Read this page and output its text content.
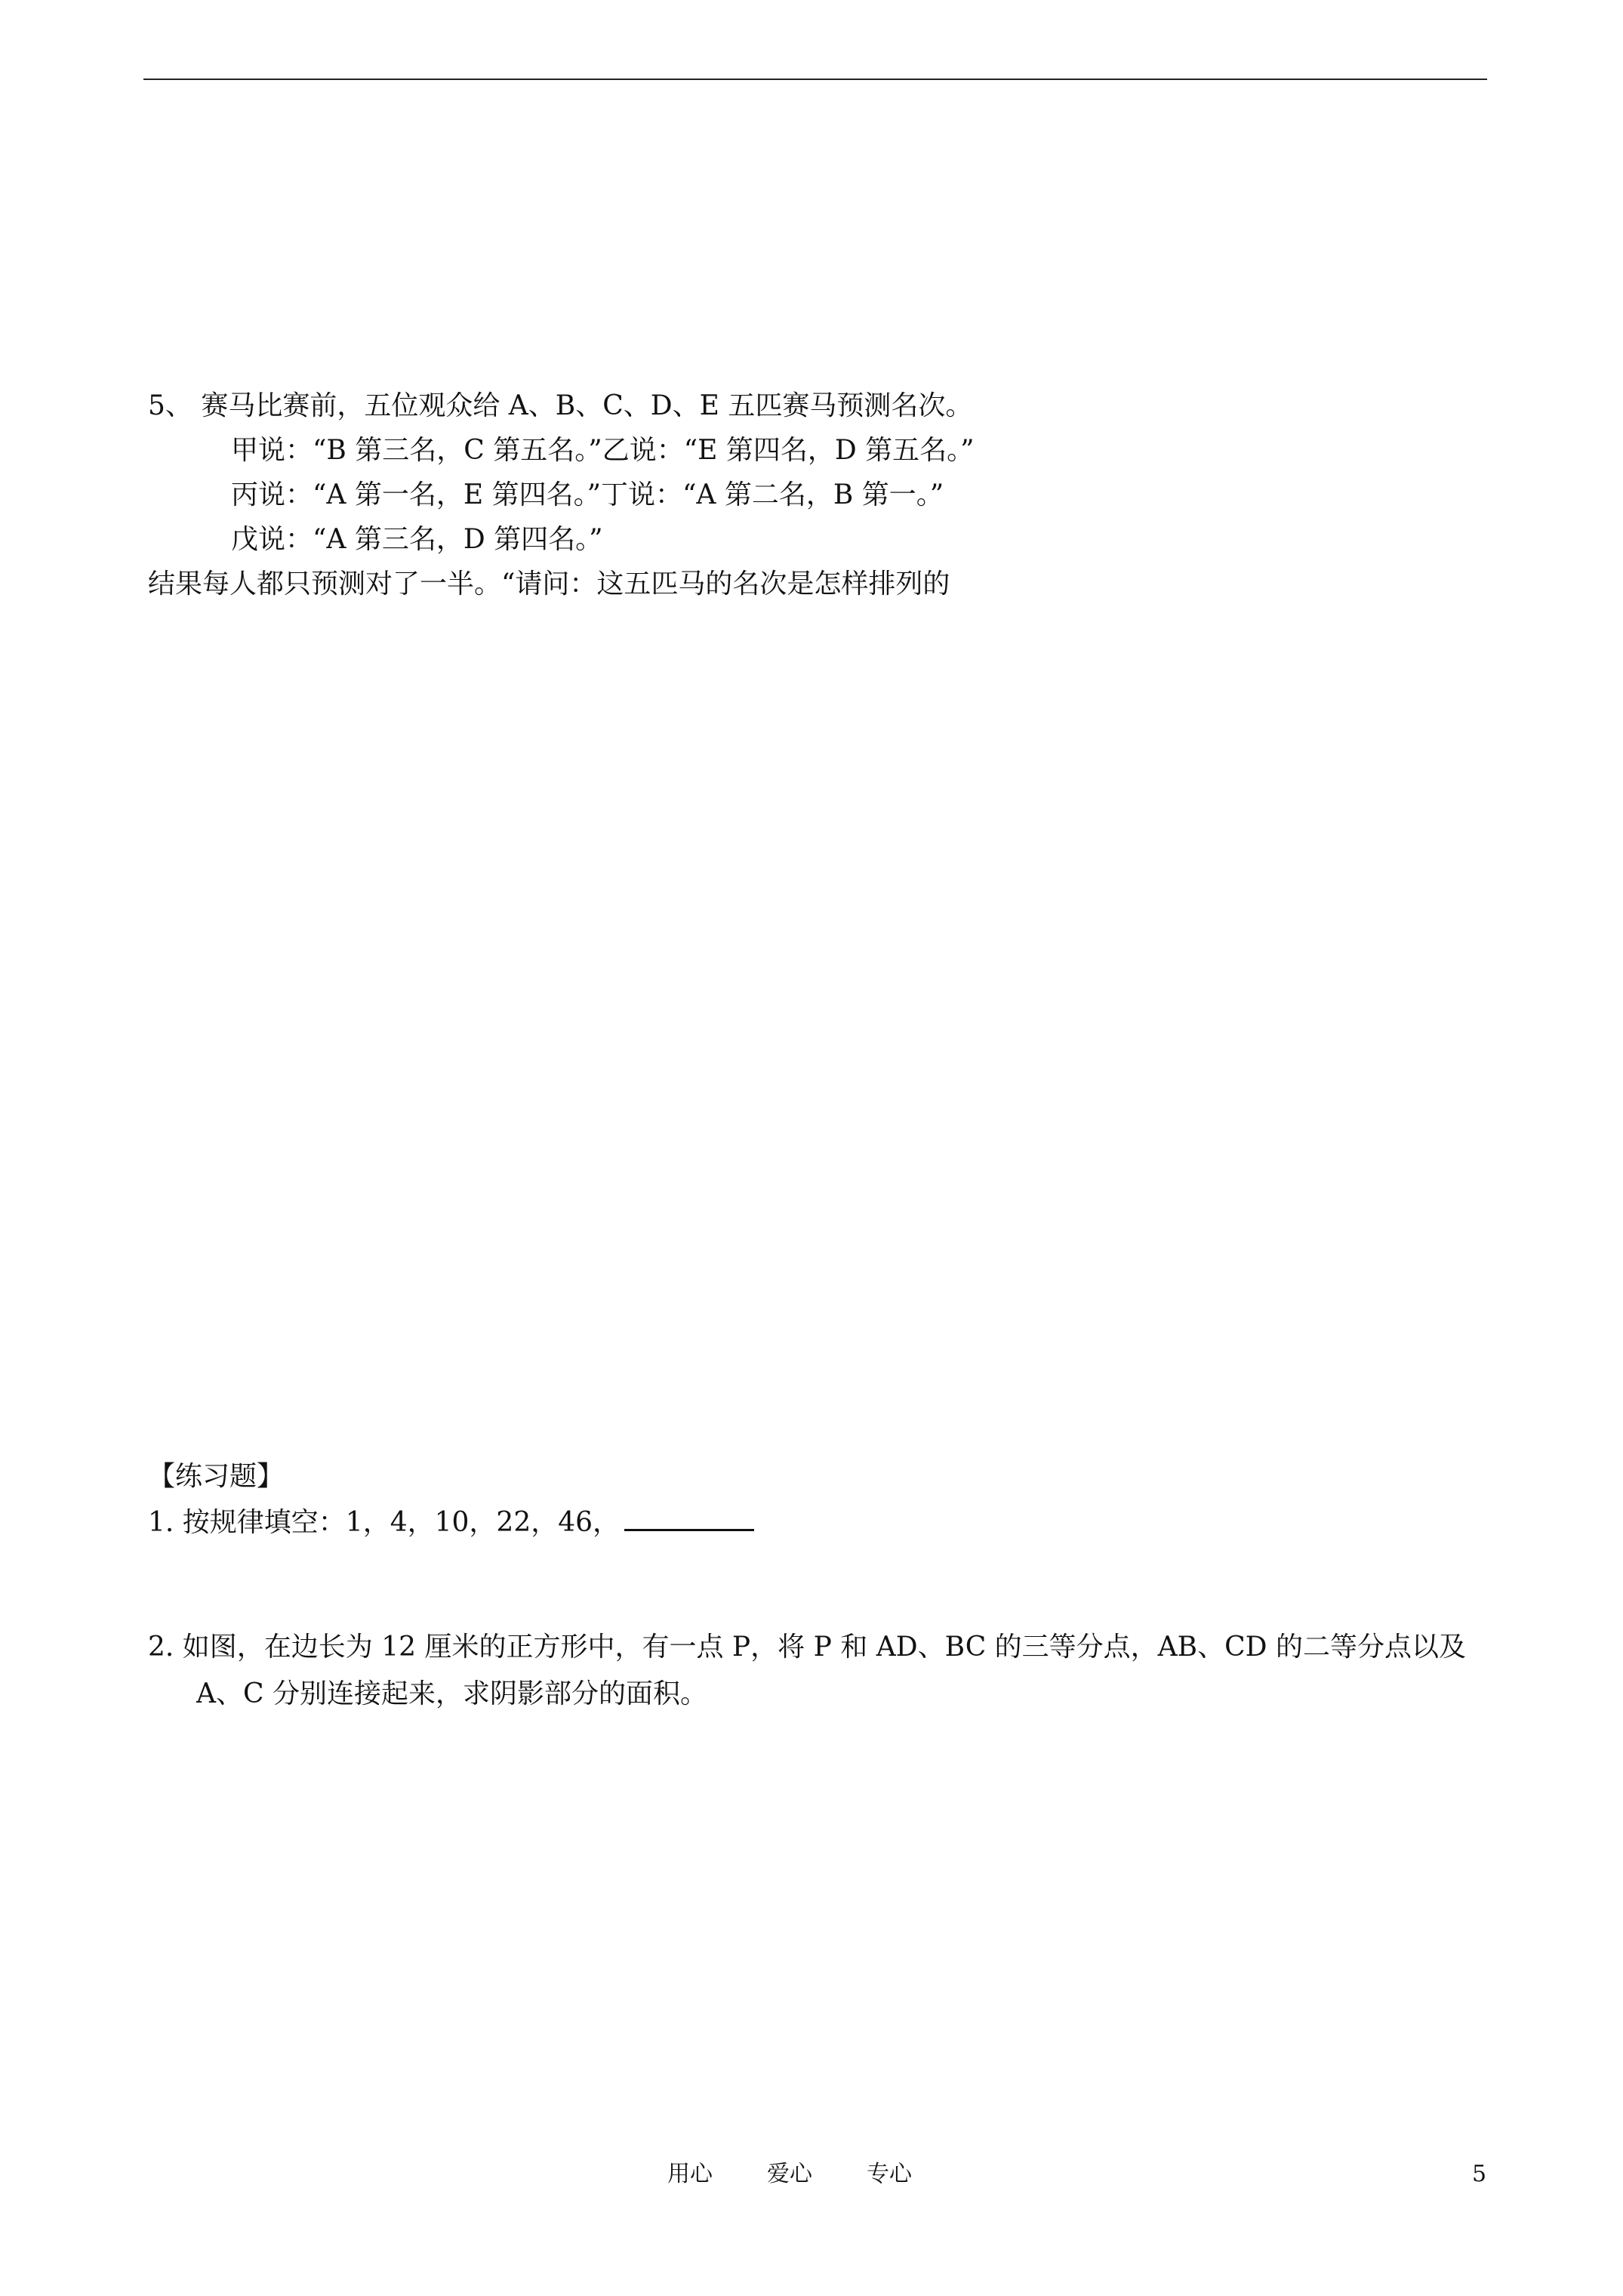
5、 赛马比赛前，五位观众给 A、B、C、D、E 五匹赛马预测名次。
甲说：“B 第三名，C 第五名。”乙说：“E 第四名，D 第五名。”
丙说：“A 第一名，E 第四名。”丁说：“A 第二名，B 第一。”
戊说：“A 第三名，D 第四名。”
结果每人都只预测对了一半。“请问：这五匹马的名次是怎样排列的
【练习题】
1. 按规律填空：1，4，10，22，46，
2. 如图，在边长为 12 厘米的正方形中，有一点 P，将 P 和 AD、BC 的三等分点，AB、CD 的二等分点以及
A、C 分别连接起来，求阴影部分的面积。
用心 爱心 专心	5
